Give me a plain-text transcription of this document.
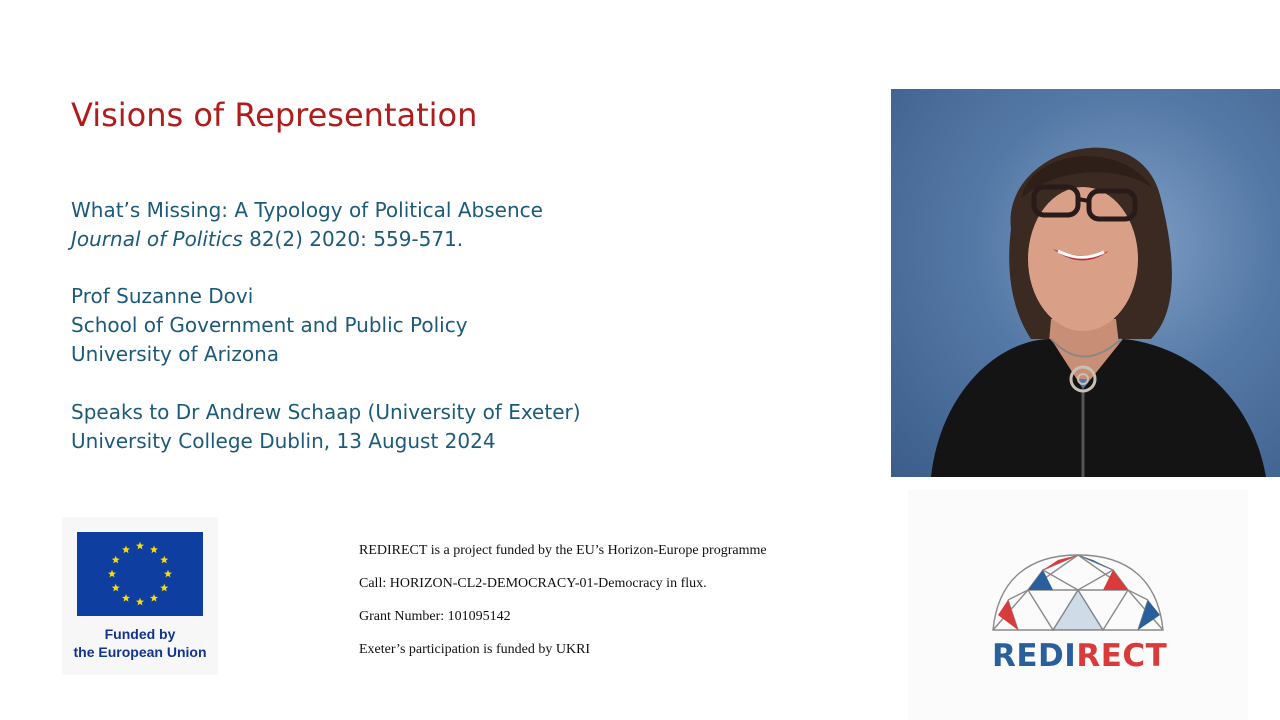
Visions of Representation
What’s Missing: A Typology of Political Absence
Journal of Politics 82(2) 2020: 559-571.
Prof Suzanne Dovi
School of Government and Public Policy
University of Arizona
Speaks to Dr Andrew Schaap (University of Exeter)
University College Dublin, 13 August 2024
Funded by
the European Union
REDIRECT is a project funded by the EU’s Horizon-Europe programme
Call: HORIZON-CL2-DEMOCRACY-01-Democracy in flux.
Grant Number: 101095142
Exeter’s participation is funded by UKRI	REDIRECT
